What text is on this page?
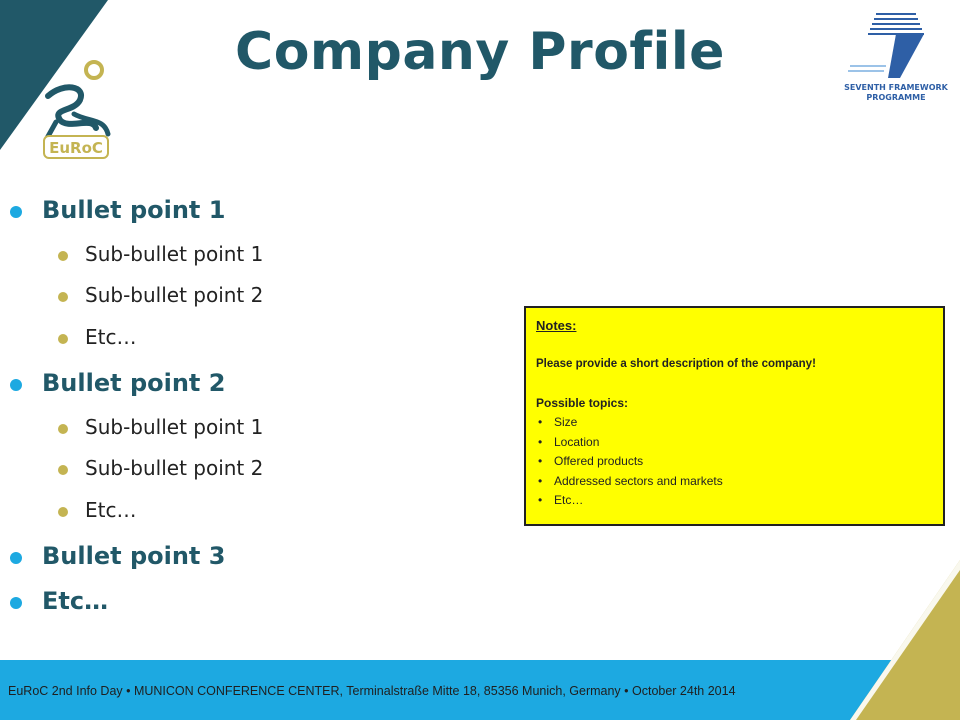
EuRoC 2nd Info Day • MUNICON CONFERENCE CENTER, Terminalstraße Mitte 18, 85356 Munich, Germany • October 24th 2014
EuRoC
SEVENTH FRAMEWORK
PROGRAMME
Company Profile
Bullet point 1
Sub-bullet point 1
Sub-bullet point 2
Etc…
Bullet point 2
Sub-bullet point 1
Sub-bullet point 2
Etc…
Bullet point 3
Etc…
Notes:
Please provide a short description of the company!
Possible topics:
• Size
• Location
• Offered products
• Addressed sectors and markets
• Etc…
